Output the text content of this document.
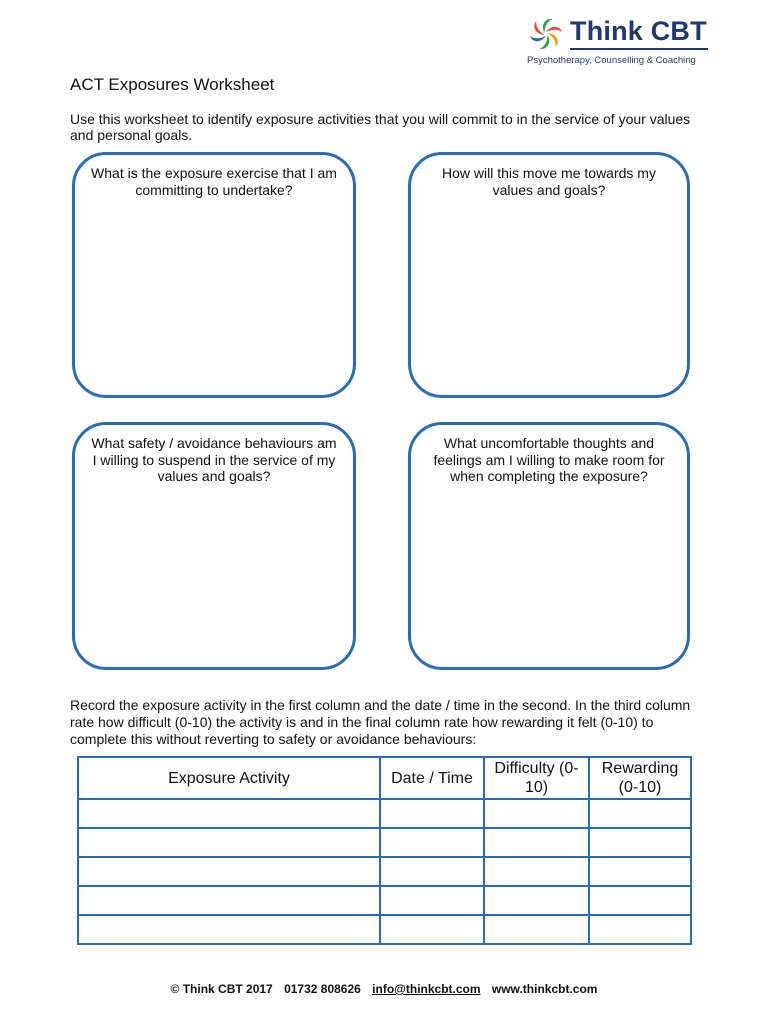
Think CBT
Psychotherapy, Counselling & Coaching
ACT Exposures Worksheet

Use this worksheet to identify exposure activities that you will commit to in the service of your values and personal goals.

What is the exposure exercise that I am committing to undertake?
How will this move me towards my values and goals?
What safety / avoidance behaviours am I willing to suspend in the service of my values and goals?
What uncomfortable thoughts and feelings am I willing to make room for when completing the exposure?

Record the exposure activity in the first column and the date / time in the second. In the third column rate how difficult (0-10) the activity is and in the final column rate how rewarding it felt (0-10) to complete this without reverting to safety or avoidance behaviours:

Exposure Activity	Date / Time	Difficulty (0-10)	Rewarding (0-10)

© Think CBT 2017 01732 808626 info@thinkcbt.com www.thinkcbt.com
